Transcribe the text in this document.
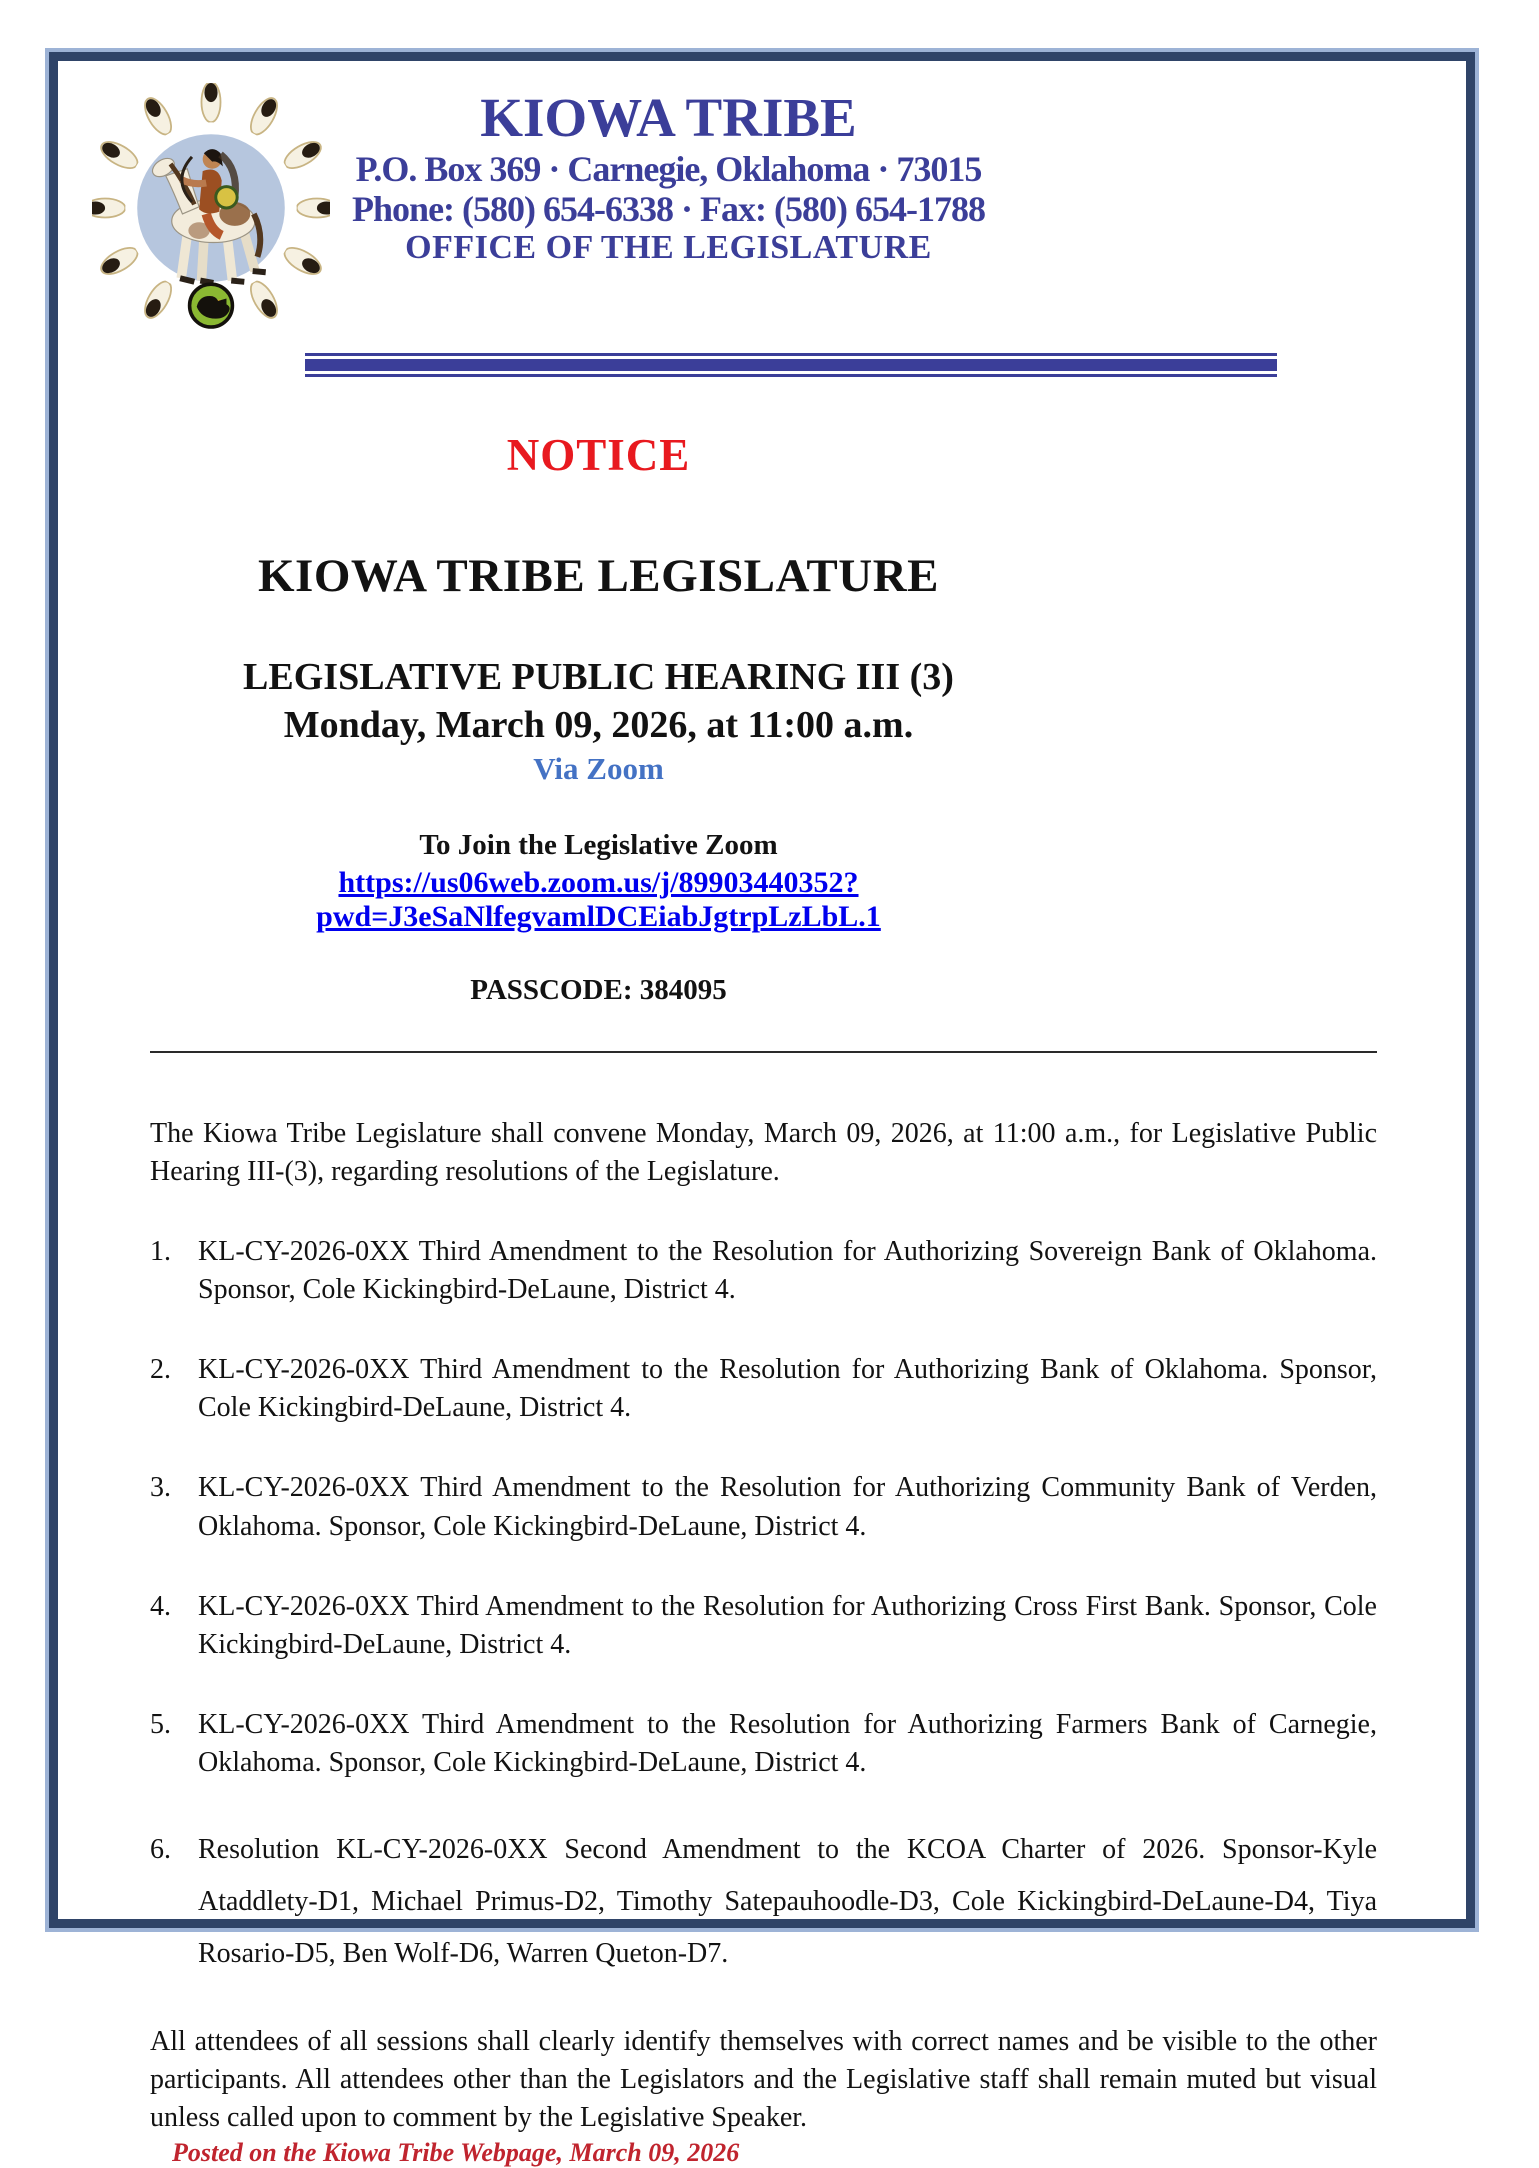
KIOWA TRIBE
P.O. Box 369 · Carnegie, Oklahoma · 73015
Phone: (580) 654-6338 · Fax: (580) 654-1788
OFFICE OF THE LEGISLATURE
NOTICE
KIOWA TRIBE LEGISLATURE
LEGISLATIVE PUBLIC HEARING III (3)
Monday, March 09, 2026, at 11:00 a.m.
Via Zoom
To Join the Legislative Zoom
https://us06web.zoom.us/j/89903440352?pwd=J3eSaNlfegvamlDCEiabJgtrpLzLbL.1
PASSCODE: 384095

The Kiowa Tribe Legislature shall convene Monday, March 09, 2026, at 11:00 a.m., for Legislative Public Hearing III-(3), regarding resolutions of the Legislature.

1. KL-CY-2026-0XX Third Amendment to the Resolution for Authorizing Sovereign Bank of Oklahoma. Sponsor, Cole Kickingbird-DeLaune, District 4.
2. KL-CY-2026-0XX Third Amendment to the Resolution for Authorizing Bank of Oklahoma. Sponsor, Cole Kickingbird-DeLaune, District 4.
3. KL-CY-2026-0XX Third Amendment to the Resolution for Authorizing Community Bank of Verden, Oklahoma. Sponsor, Cole Kickingbird-DeLaune, District 4.
4. KL-CY-2026-0XX Third Amendment to the Resolution for Authorizing Cross First Bank. Sponsor, Cole Kickingbird-DeLaune, District 4.
5. KL-CY-2026-0XX Third Amendment to the Resolution for Authorizing Farmers Bank of Carnegie, Oklahoma. Sponsor, Cole Kickingbird-DeLaune, District 4.
6. Resolution KL-CY-2026-0XX Second Amendment to the KCOA Charter of 2026. Sponsor-Kyle Ataddlety-D1, Michael Primus-D2, Timothy Satepauhoodle-D3, Cole Kickingbird-DeLaune-D4, Tiya Rosario-D5, Ben Wolf-D6, Warren Queton-D7.

All attendees of all sessions shall clearly identify themselves with correct names and be visible to the other participants. All attendees other than the Legislators and the Legislative staff shall remain muted but visual unless called upon to comment by the Legislative Speaker.

Posted on the Kiowa Tribe Webpage, March 09, 2026
